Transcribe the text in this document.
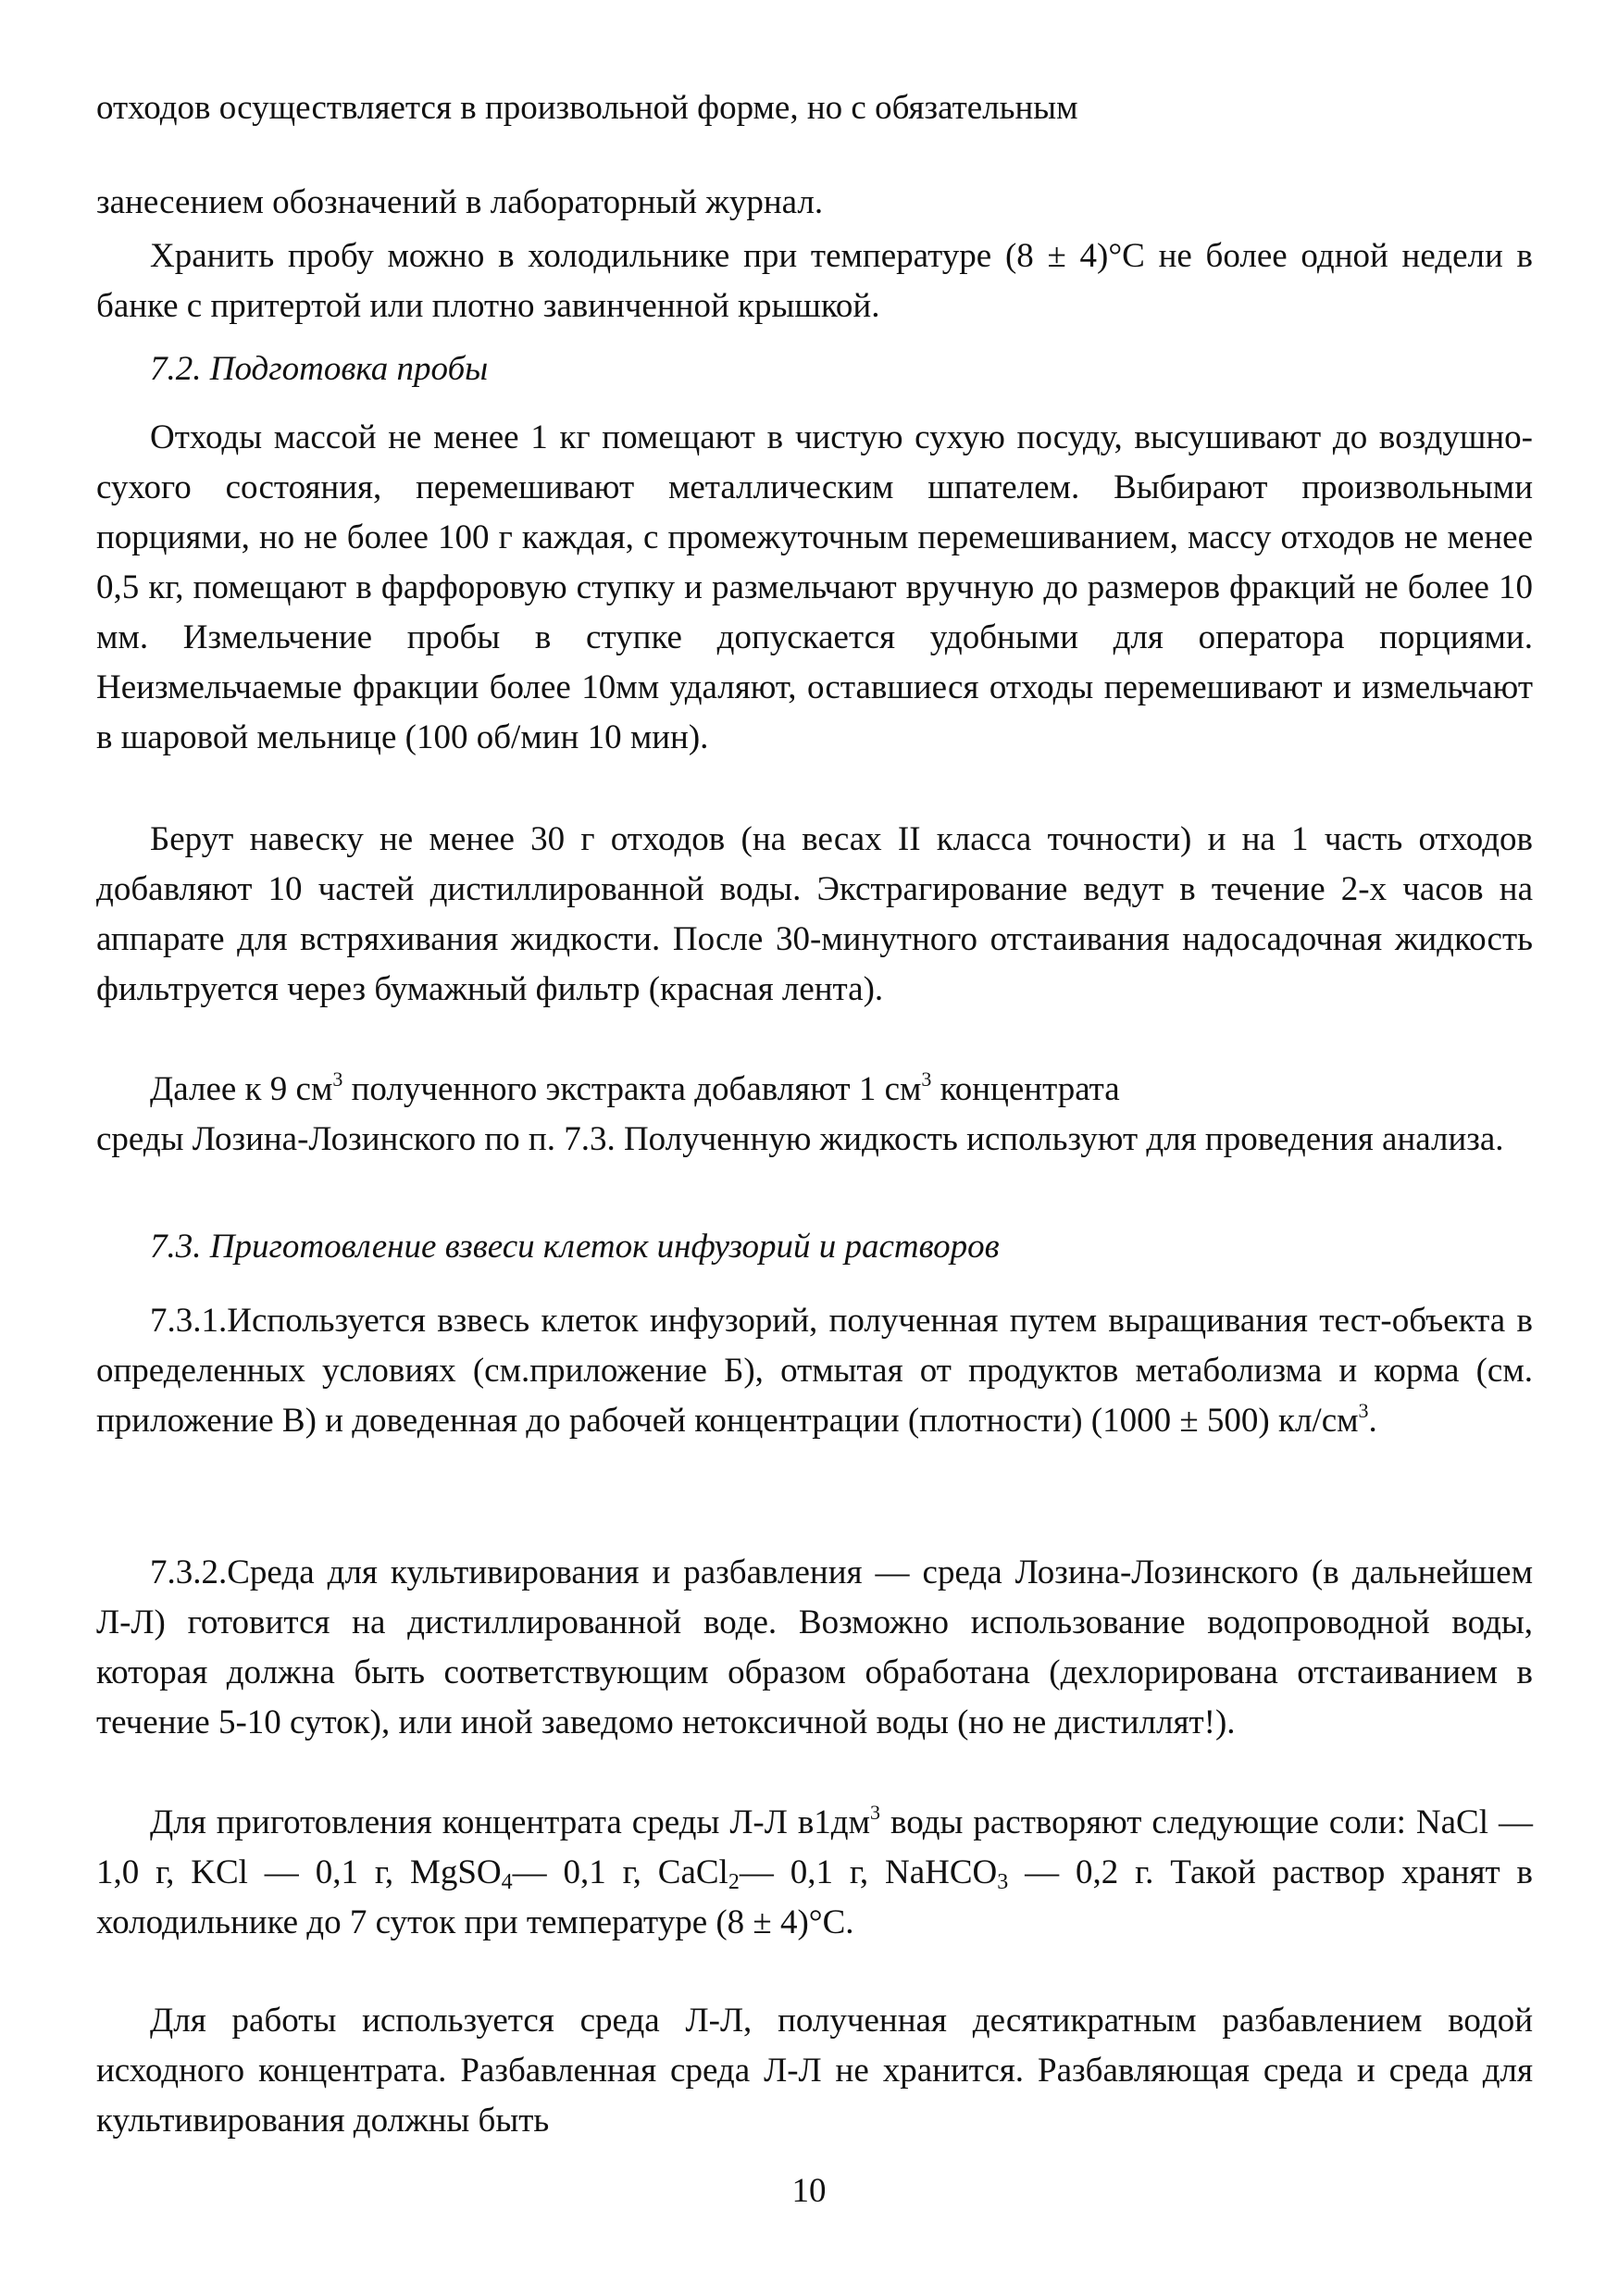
отходов осуществляется в произвольной форме, но с обязательным

занесением обозначений в лабораторный журнал.

Хранить пробу можно в холодильнике при температуре (8 ± 4)°С не более одной недели в банке с притертой или плотно завинченной крышкой.

7.2. Подготовка пробы

Отходы массой не менее 1 кг помещают в чистую сухую посуду, высушивают до воздушно-сухого состояния, перемешивают металлическим шпателем. Выбирают произвольными порциями, но не более 100 г каждая, с промежуточным перемешиванием, массу отходов не менее 0,5 кг, помещают в фарфоровую ступку и размельчают вручную до размеров фракций не более 10 мм. Измельчение пробы в ступке допускается удобными для оператора порциями. Неизмельчаемые фракции более 10мм удаляют, оставшиеся отходы перемешивают и измельчают в шаровой мельнице (100 об/мин 10 мин).

Берут навеску не менее 30 г отходов (на весах II класса точности) и на 1 часть отходов добавляют 10 частей дистиллированной воды. Экстрагирование ведут в течение 2-х часов на аппарате для встряхивания жидкости. После 30-минутного отстаивания надосадочная жидкость фильтруется через бумажный фильтр (красная лента).

Далее к 9 $см^3$ полученного экстракта добавляют 1 $см^3$ концентрата

среды Лозина-Лозинского по п. 7.3. Полученную жидкость используют для проведения анализа.

7.3. Приготовление взвеси клеток инфузорий и растворов

7.3.1.Используется взвесь клеток инфузорий, полученная путем выращивания тест-объекта в определенных условиях (см.приложение Б), отмытая от продуктов метаболизма и корма (см. приложение В) и доведенная до рабочей концентрации (плотности) (1000 ± 500) $кл/см^3$.

7.3.2.Среда для культивирования и разбавления — среда Лозина-Лозинского (в дальнейшем Л-Л) готовится на дистиллированной воде. Возможно использование водопроводной воды, которая должна быть соответствующим образом обработана (дехлорирована отстаиванием в течение 5-10 суток), или иной заведомо нетоксичной воды (но не дистиллят!).

Для приготовления концентрата среды Л-Л $в1дм^3$ воды растворяют следующие соли: NaCl — 1,0 г, KCl — 0,1 г, MgSO$_4$— 0,1 г, CaCl$_2$— 0,1 г, NaHCO$_3$ — 0,2 г. Такой раствор хранят в холодильнике до 7 суток при температуре (8 ± 4)°С.

Для работы используется среда Л-Л, полученная десятикратным разбавлением водой исходного концентрата. Разбавленная среда Л-Л не хранится. Разбавляющая среда и среда для культивирования должны быть

10
